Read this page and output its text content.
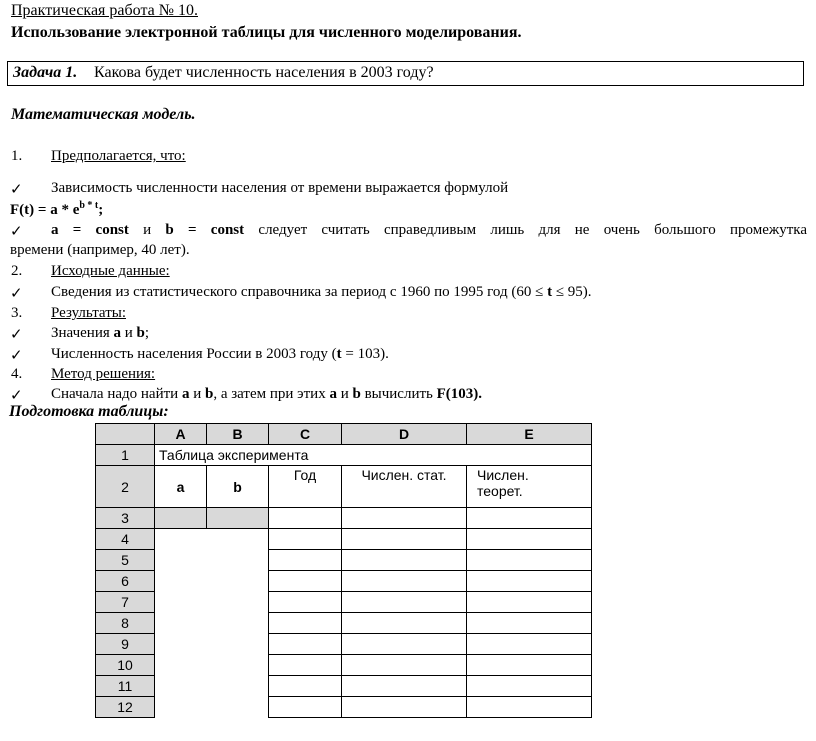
Практическая работа № 10.
Использование электронной таблицы для численного моделирования.
Задача 1. Какова будет численность населения в 2003 году?
Математическая модель.
1. Предполагается, что:
✓ Зависимость численности населения от времени выражается формулой
$F(t) = a * e^{b * t}$;
✓ a = const и b = const следует считать справедливым лишь для не очень большого промежутка
времени (например, 40 лет).
2. Исходные данные:
✓ Сведения из статистического справочника за период с 1960 по 1995 год (60 ≤ t ≤ 95).
3. Результаты:
✓ Значения a и b;
✓ Численность населения России в 2003 году (t = 103).
4. Метод решения:
✓ Сначала надо найти a и b, а затем при этих a и b вычислить F(103).
Подготовка таблицы:
	A	B	C	D	E
1	Таблица эксперимента				
2	a	b	Год	Числен. стат.	Числен.
теорет.
3					
4					
5					
6					
7					
8					
9					
10					
11					
12					
